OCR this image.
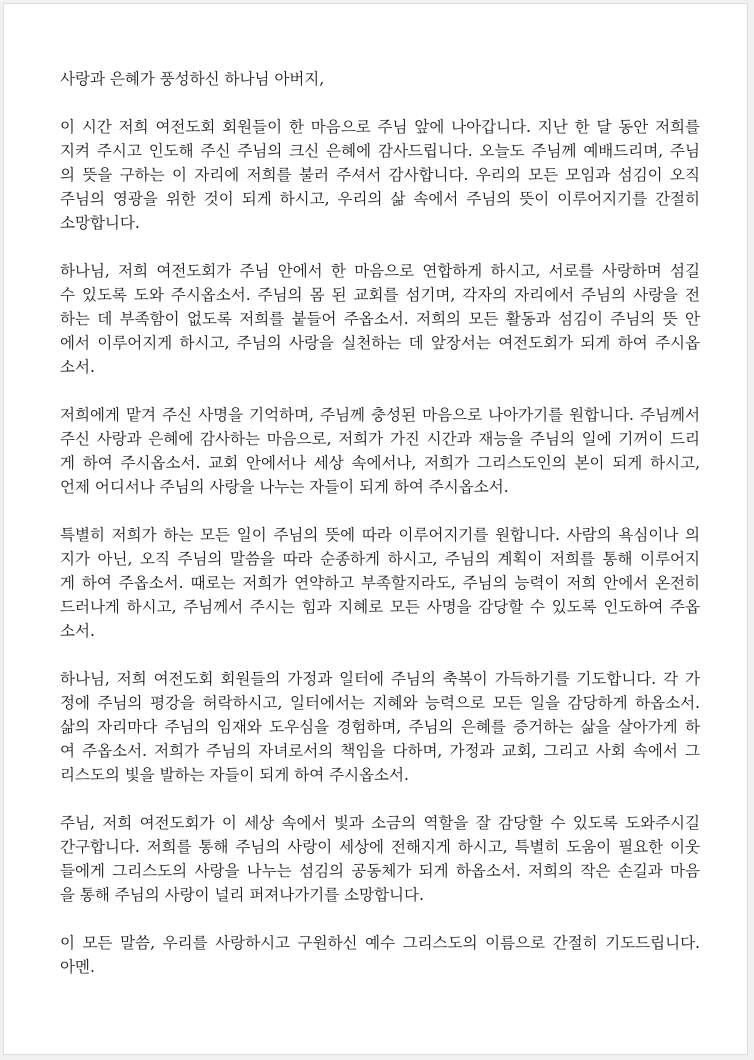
사랑과 은혜가 풍성하신 하나님 아버지,
이 시간 저희 여전도회 회원들이 한 마음으로 주님 앞에 나아갑니다. 지난 한 달 동안 저희를
지켜 주시고 인도해 주신 주님의 크신 은혜에 감사드립니다. 오늘도 주님께 예배드리며, 주님
의 뜻을 구하는 이 자리에 저희를 불러 주셔서 감사합니다. 우리의 모든 모임과 섬김이 오직
주님의 영광을 위한 것이 되게 하시고, 우리의 삶 속에서 주님의 뜻이 이루어지기를 간절히
소망합니다.
하나님, 저희 여전도회가 주님 안에서 한 마음으로 연합하게 하시고, 서로를 사랑하며 섬길
수 있도록 도와 주시옵소서. 주님의 몸 된 교회를 섬기며, 각자의 자리에서 주님의 사랑을 전
하는 데 부족함이 없도록 저희를 붙들어 주옵소서. 저희의 모든 활동과 섬김이 주님의 뜻 안
에서 이루어지게 하시고, 주님의 사랑을 실천하는 데 앞장서는 여전도회가 되게 하여 주시옵
소서.
저희에게 맡겨 주신 사명을 기억하며, 주님께 충성된 마음으로 나아가기를 원합니다. 주님께서
주신 사랑과 은혜에 감사하는 마음으로, 저희가 가진 시간과 재능을 주님의 일에 기꺼이 드리
게 하여 주시옵소서. 교회 안에서나 세상 속에서나, 저희가 그리스도인의 본이 되게 하시고,
언제 어디서나 주님의 사랑을 나누는 자들이 되게 하여 주시옵소서.
특별히 저희가 하는 모든 일이 주님의 뜻에 따라 이루어지기를 원합니다. 사람의 욕심이나 의
지가 아닌, 오직 주님의 말씀을 따라 순종하게 하시고, 주님의 계획이 저희를 통해 이루어지
게 하여 주옵소서. 때로는 저희가 연약하고 부족할지라도, 주님의 능력이 저희 안에서 온전히
드러나게 하시고, 주님께서 주시는 힘과 지혜로 모든 사명을 감당할 수 있도록 인도하여 주옵
소서.
하나님, 저희 여전도회 회원들의 가정과 일터에 주님의 축복이 가득하기를 기도합니다. 각 가
정에 주님의 평강을 허락하시고, 일터에서는 지혜와 능력으로 모든 일을 감당하게 하옵소서.
삶의 자리마다 주님의 임재와 도우심을 경험하며, 주님의 은혜를 증거하는 삶을 살아가게 하
여 주옵소서. 저희가 주님의 자녀로서의 책임을 다하며, 가정과 교회, 그리고 사회 속에서 그
리스도의 빛을 발하는 자들이 되게 하여 주시옵소서.
주님, 저희 여전도회가 이 세상 속에서 빛과 소금의 역할을 잘 감당할 수 있도록 도와주시길
간구합니다. 저희를 통해 주님의 사랑이 세상에 전해지게 하시고, 특별히 도움이 필요한 이웃
들에게 그리스도의 사랑을 나누는 섬김의 공동체가 되게 하옵소서. 저희의 작은 손길과 마음
을 통해 주님의 사랑이 널리 퍼져나가기를 소망합니다.
이 모든 말씀, 우리를 사랑하시고 구원하신 예수 그리스도의 이름으로 간절히 기도드립니다.
아멘.
